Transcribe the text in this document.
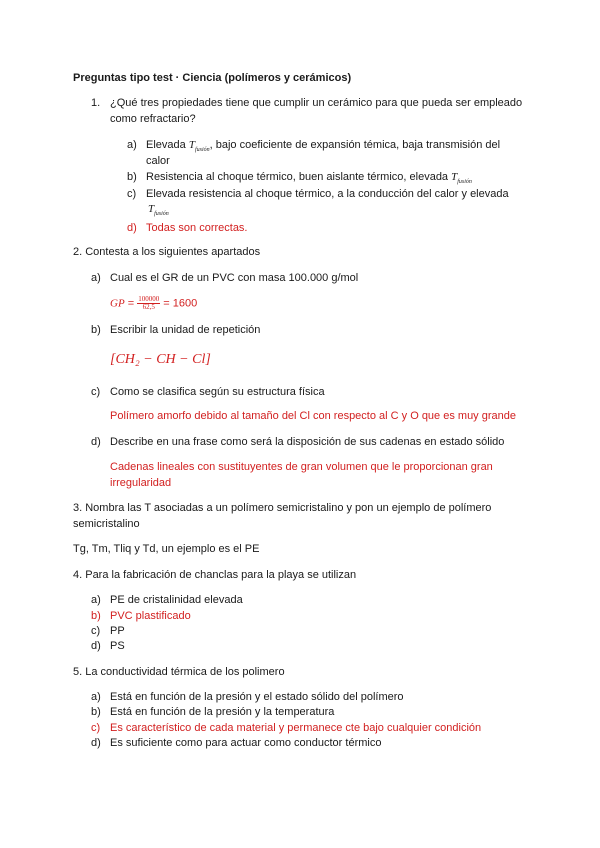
Preguntas tipo test · Ciencia (polímeros y cerámicos)
1. ¿Qué tres propiedades tiene que cumplir un cerámico para que pueda ser empleado
como refractario?
a) Elevada $T_{fusión}$, bajo coeficiente de expansión témica, baja transmisión del
calor
b) Resistencia al choque térmico, buen aislante térmico, elevada $T_{fusión}$
c) Elevada resistencia al choque térmico, a la conducción del calor y elevada
$T_{fusión}$
d) Todas son correctas.
2. Contesta a los siguientes apartados
a) Cual es el GR de un PVC con masa 100.000 g/mol
GP = $\frac{100000}{62,5} = 1600$
b) Escribir la unidad de repetición
[CH₂ − CH − Cl]
c) Como se clasifica según su estructura física
Polímero amorfo debido al tamaño del Cl con respecto al C y O que es muy grande
d) Describe en una frase como será la disposición de sus cadenas en estado sólido
Cadenas lineales con sustituyentes de gran volumen que le proporcionan gran
irregularidad
3. Nombra las T asociadas a un polímero semicristalino y pon un ejemplo de polímero
semicristalino
Tg, Tm, Tliq y Td, un ejemplo es el PE
4. Para la fabricación de chanclas para la playa se utilizan
a) PE de cristalinidad elevada
b) PVC plastificado
c) PP
d) PS
5. La conductividad térmica de los polimero
a) Está en función de la presión y el estado sólido del polímero
b) Está en función de la presión y la temperatura
c) Es característico de cada material y permanece cte bajo cualquier condición
d) Es suficiente como para actuar como conductor térmico
